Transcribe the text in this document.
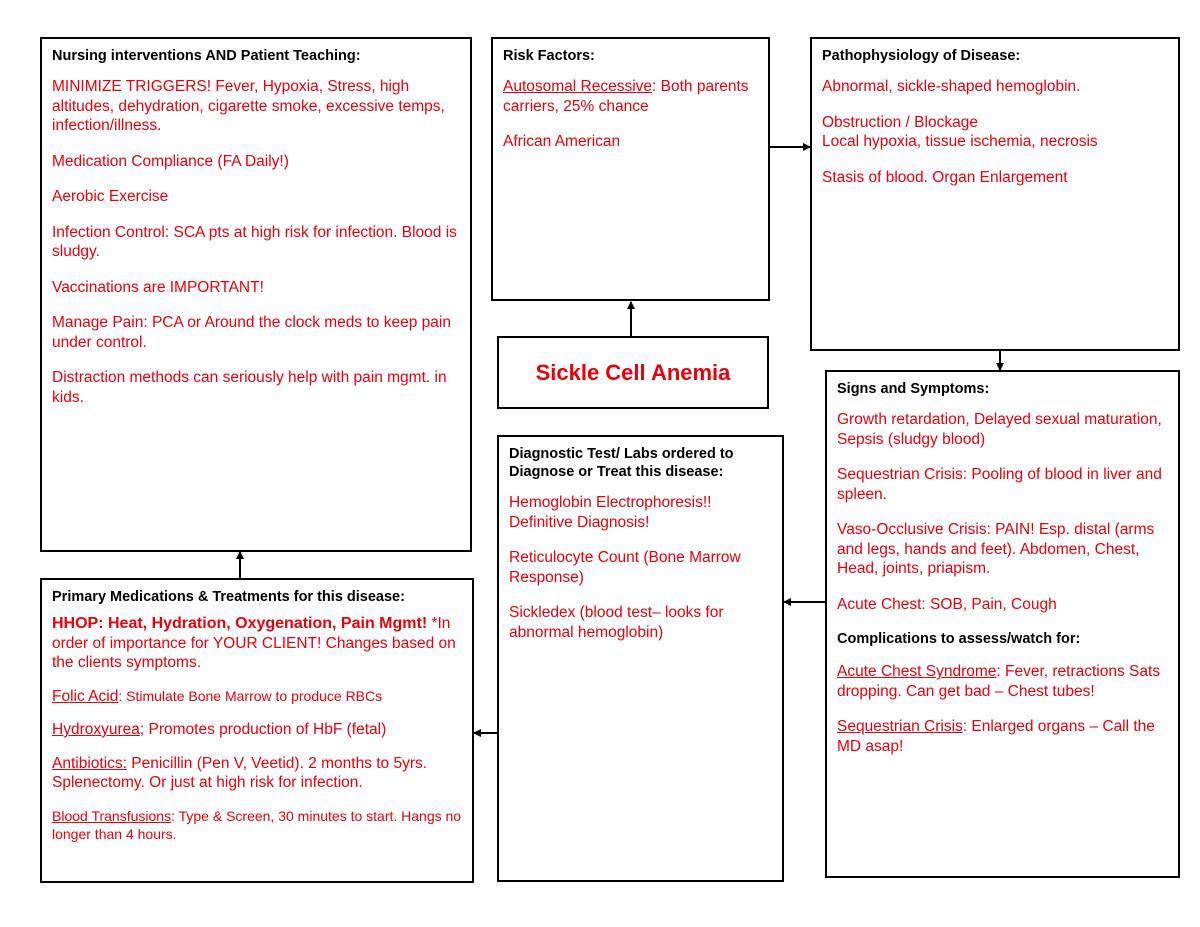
Nursing interventions AND Patient Teaching:
MINIMIZE TRIGGERS! Fever, Hypoxia, Stress, high altitudes, dehydration, cigarette smoke, excessive temps, infection/illness.
Medication Compliance (FA Daily!)
Aerobic Exercise
Infection Control: SCA pts at high risk for infection. Blood is sludgy.
Vaccinations are IMPORTANT!
Manage Pain: PCA or Around the clock meds to keep pain under control.
Distraction methods can seriously help with pain mgmt. in kids.
Risk Factors:
Autosomal Recessive: Both parents carriers, 25% chance
African American
Pathophysiology of Disease:
Abnormal, sickle-shaped hemoglobin.
Obstruction / Blockage
Local hypoxia, tissue ischemia, necrosis
Stasis of blood. Organ Enlargement
Sickle Cell Anemia
Signs and Symptoms:
Growth retardation, Delayed sexual maturation, Sepsis (sludgy blood)
Sequestrian Crisis: Pooling of blood in liver and spleen.
Vaso-Occlusive Crisis: PAIN! Esp. distal (arms and legs, hands and feet). Abdomen, Chest, Head, joints, priapism.
Acute Chest: SOB, Pain, Cough
Complications to assess/watch for:
Acute Chest Syndrome: Fever, retractions Sats dropping. Can get bad – Chest tubes!
Sequestrian Crisis: Enlarged organs – Call the MD asap!
Diagnostic Test/ Labs ordered to
Diagnose or Treat this disease:
Hemoglobin Electrophoresis!! Definitive Diagnosis!
Reticulocyte Count (Bone Marrow Response)
Sickledex (blood test– looks for abnormal hemoglobin)
Primary Medications & Treatments for this disease:
HHOP: Heat, Hydration, Oxygenation, Pain Mgmt! *In order of importance for YOUR CLIENT! Changes based on the clients symptoms.
Folic Acid: Stimulate Bone Marrow to produce RBCs
Hydroxyurea; Promotes production of HbF (fetal)
Antibiotics: Penicillin (Pen V, Veetid). 2 months to 5yrs. Splenectomy. Or just at high risk for infection.
Blood Transfusions: Type & Screen, 30 minutes to start. Hangs no longer than 4 hours.
